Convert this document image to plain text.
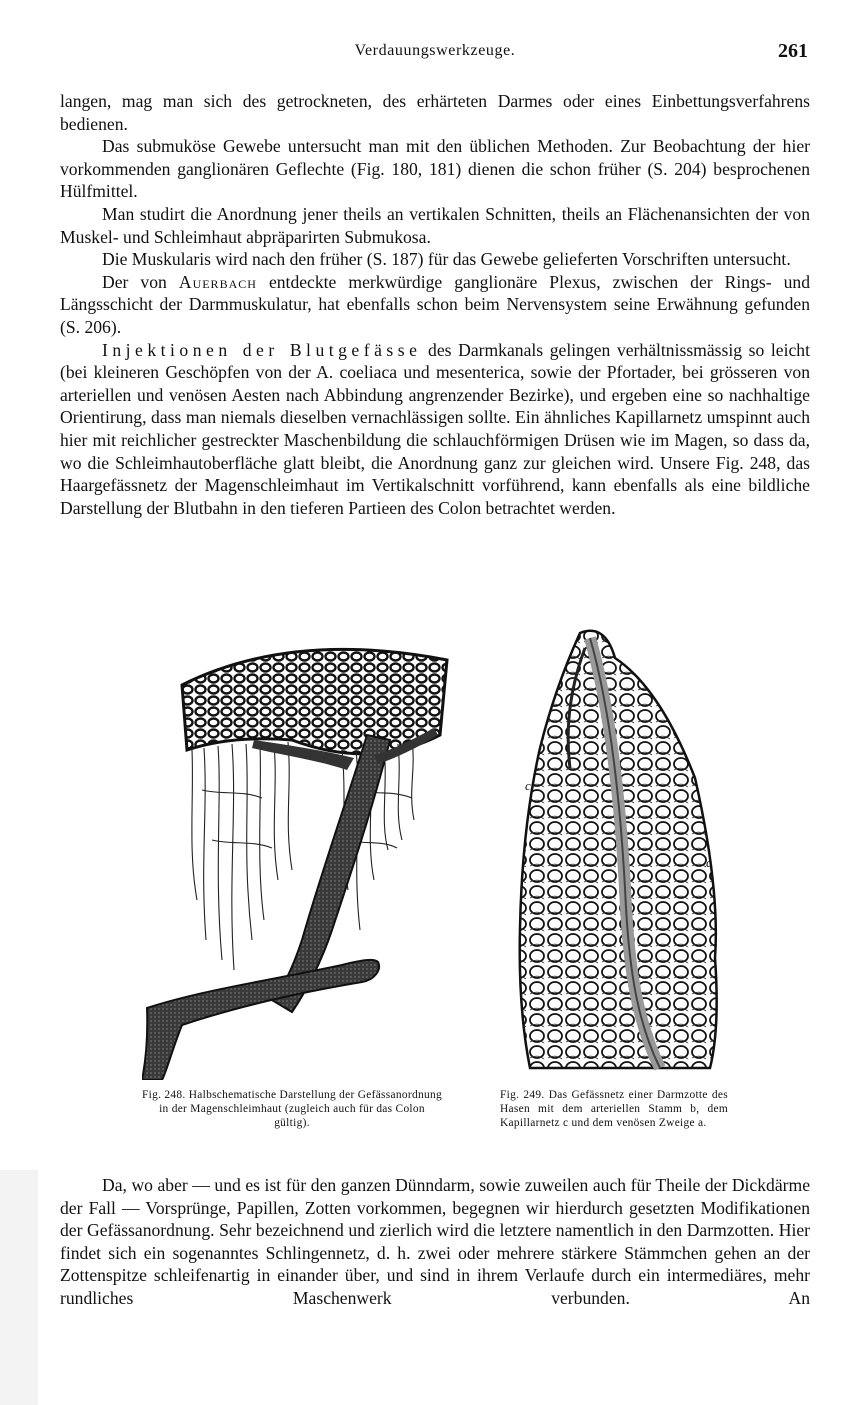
Verdauungswerkzeuge.	261

langen, mag man sich des getrockneten, des erhärteten Darmes oder eines Einbettungsverfahrens bedienen.

Das submuköse Gewebe untersucht man mit den üblichen Methoden. Zur Beobachtung der hier vorkommenden ganglionären Geflechte (Fig. 180, 181) dienen die schon früher (S. 204) besprochenen Hülfmittel.

Man studirt die Anordnung jener theils an vertikalen Schnitten, theils an Flächenansichten der von Muskel- und Schleimhaut abpräparirten Submukosa.

Die Muskularis wird nach den früher (S. 187) für das Gewebe gelieferten Vorschriften untersucht.

Der von Auerbach entdeckte merkwürdige ganglionäre Plexus, zwischen der Rings- und Längsschicht der Darmmuskulatur, hat ebenfalls schon beim Nervensystem seine Erwähnung gefunden (S. 206).

Injektionen der Blutgefässe des Darmkanals gelingen verhältnissmässig so leicht (bei kleineren Geschöpfen von der A. coeliaca und mesenterica, sowie der Pfortader, bei grösseren von arteriellen und venösen Aesten nach Abbindung angrenzender Bezirke), und ergeben eine so nachhaltige Orientirung, dass man niemals dieselben vernachlässigen sollte. Ein ähnliches Kapillarnetz umspinnt auch hier mit reichlicher gestreckter Maschenbildung die schlauchförmigen Drüsen wie im Magen, so dass da, wo die Schleimhautoberfläche glatt bleibt, die Anordnung ganz zur gleichen wird. Unsere Fig. 248, das Haargefässnetz der Magenschleimhaut im Vertikalschnitt vorführend, kann ebenfalls als eine bildliche Darstellung der Blutbahn in den tieferen Partieen des Colon betrachtet werden.

c
c
Fig. 248. Halbschematische Darstellung der Gefässanordnung in der Magenschleimhaut (zugleich auch für das Colon gültig).
Fig. 249. Das Gefässnetz einer Darmzotte des Hasen mit dem arteriellen Stamm b, dem Kapillarnetz c und dem venösen Zweige a.

Da, wo aber — und es ist für den ganzen Dünndarm, sowie zuweilen auch für Theile der Dickdärme der Fall — Vorsprünge, Papillen, Zotten vorkommen, begegnen wir hierdurch gesetzten Modifikationen der Gefässanordnung. Sehr bezeichnend und zierlich wird die letztere namentlich in den Darmzotten. Hier findet sich ein sogenanntes Schlingennetz, d. h. zwei oder mehrere stärkere Stämmchen gehen an der Zottenspitze schleifenartig in einander über, und sind in ihrem Verlaufe durch ein intermediäres, mehr rundliches Maschenwerk verbunden. An
